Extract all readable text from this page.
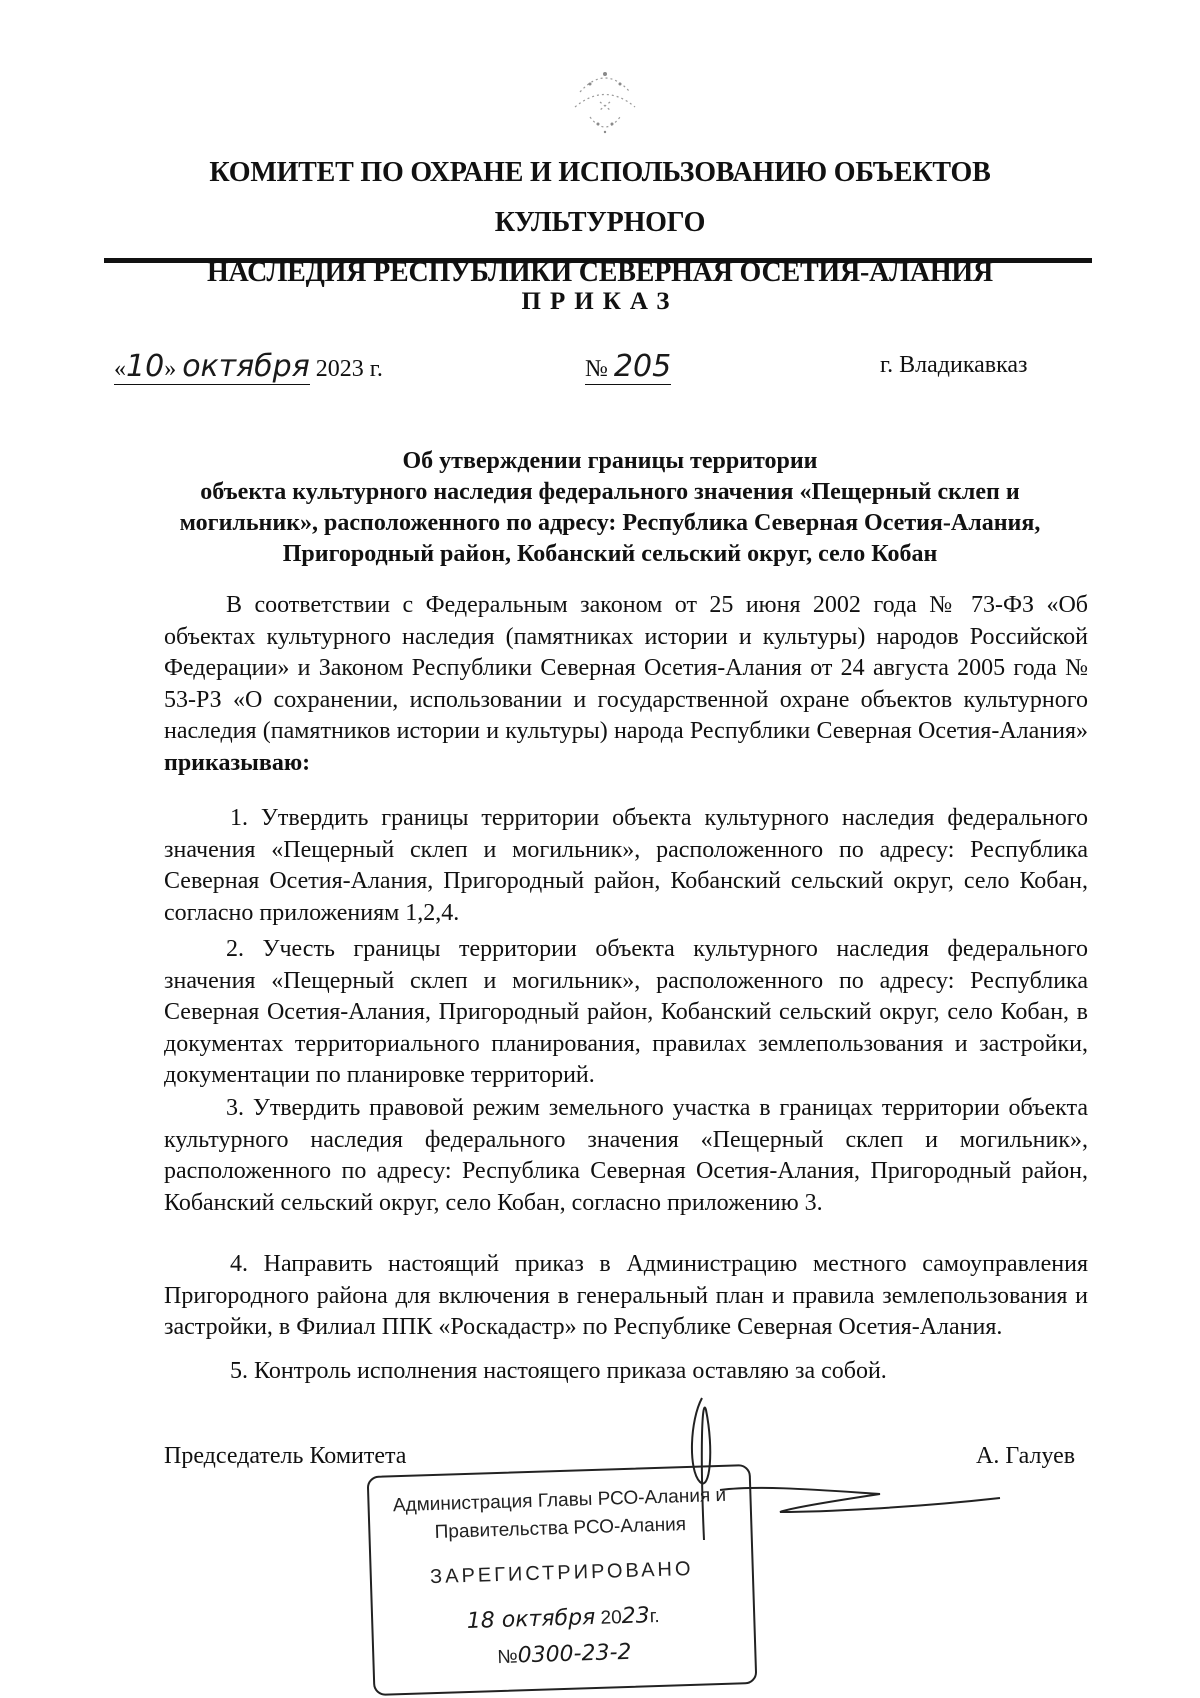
КОМИТЕТ ПО ОХРАНЕ И ИСПОЛЬЗОВАНИЮ ОБЪЕКТОВ КУЛЬТУРНОГО
НАСЛЕДИЯ РЕСПУБЛИКИ СЕВЕРНАЯ ОСЕТИЯ-АЛАНИЯ
ПРИКАЗ
«10» октября 2023 г.	№ 205	г. Владикавказ
Об утверждении границы территории
объекта культурного наследия федерального значения «Пещерный склеп и
могильник», расположенного по адресу: Республика Северная Осетия-Алания,
Пригородный район, Кобанский сельский округ, село Кобан
В соответствии с Федеральным законом от 25 июня 2002 года № 73-ФЗ «Об объектах культурного наследия (памятниках истории и культуры) народов Российской Федерации» и Законом Республики Северная Осетия-Алания от 24 августа 2005 года № 53-РЗ «О сохранении, использовании и государственной охране объектов культурного наследия (памятников истории и культуры) народа Республики Северная Осетия-Алания» приказываю:
1. Утвердить границы территории объекта культурного наследия федерального значения «Пещерный склеп и могильник», расположенного по адресу: Республика Северная Осетия-Алания, Пригородный район, Кобанский сельский округ, село Кобан, согласно приложениям 1,2,4.
2. Учесть границы территории объекта культурного наследия федерального значения «Пещерный склеп и могильник», расположенного по адресу: Республика Северная Осетия-Алания, Пригородный район, Кобанский сельский округ, село Кобан, в документах территориального планирования, правилах землепользования и застройки, документации по планировке территорий.
3. Утвердить правовой режим земельного участка в границах территории объекта культурного наследия федерального значения «Пещерный склеп и могильник», расположенного по адресу: Республика Северная Осетия-Алания, Пригородный район, Кобанский сельский округ, село Кобан, согласно приложению 3.
4. Направить настоящий приказ в Администрацию местного самоуправления Пригородного района для включения в генеральный план и правила землепользования и застройки, в Филиал ППК «Роскадастр» по Республике Северная Осетия-Алания.
5. Контроль исполнения настоящего приказа оставляю за собой.
Председатель Комитета	А. Галуев
Администрация Главы РСО-Алания и
Правительства РСО-Алания
ЗАРЕГИСТРИРОВАНО
18 октября 2023г.
№0300-23-2
